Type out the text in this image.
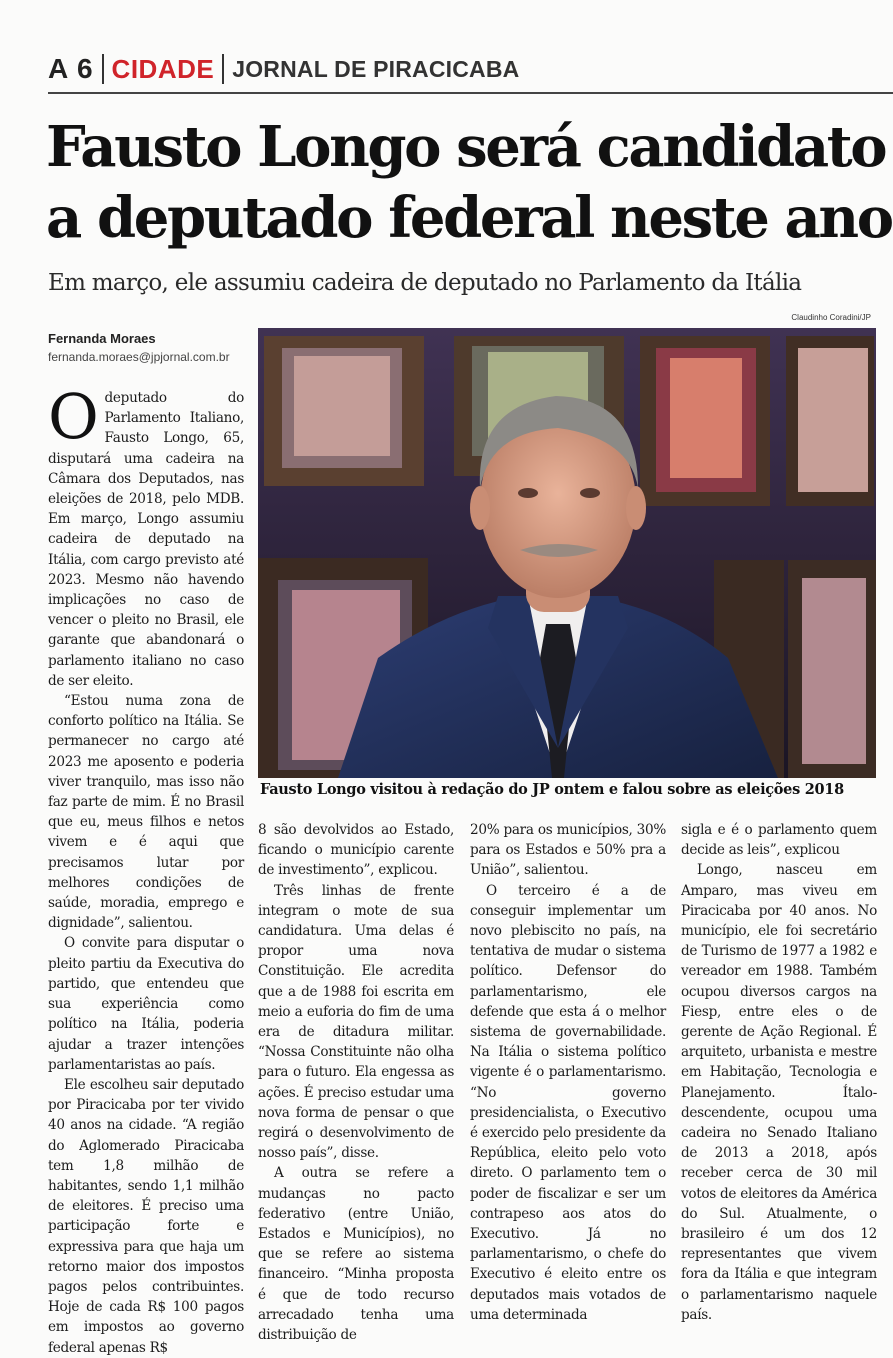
A 6 CIDADE JORNAL DE PIRACICABA
Fausto Longo será candidato
a deputado federal neste ano

Em março, ele assumiu cadeira de deputado no Parlamento da Itália

Fernanda Moraes
fernanda.moraes@jpjornal.com.br
Claudinho Coradini/JP
Fausto Longo visitou à redação do JP ontem e falou sobre as eleições 2018
O deputado do Parlamento Italiano, Fausto Longo, 65, disputará uma cadeira na Câmara dos Deputados, nas eleições de 2018, pelo MDB. Em março, Longo assumiu cadeira de deputado na Itália, com cargo previsto até 2023. Mesmo não havendo implicações no caso de vencer o pleito no Brasil, ele garante que abandonará o parlamento italiano no caso de ser eleito.

“Estou numa zona de conforto político na Itália. Se permanecer no cargo até 2023 me aposento e poderia viver tranquilo, mas isso não faz parte de mim. É no Brasil que eu, meus filhos e netos vivem e é aqui que precisamos lutar por melhores condições de saúde, moradia, emprego e dignidade”, salientou.

O convite para disputar o pleito partiu da Executiva do partido, que entendeu que sua experiência como político na Itália, poderia ajudar a trazer intenções parlamentaristas ao país.

Ele escolheu sair deputado por Piracicaba por ter vivido 40 anos na cidade. “A região do Aglomerado Piracicaba tem 1,8 milhão de habitantes, sendo 1,1 milhão de eleitores. É preciso uma participação forte e expressiva para que haja um retorno maior dos impostos pagos pelos contribuintes. Hoje de cada R$ 100 pagos em impostos ao governo federal apenas R$

8 são devolvidos ao Estado, ficando o município carente de investimento”, explicou.

Três linhas de frente integram o mote de sua candidatura. Uma delas é propor uma nova Constituição. Ele acredita que a de 1988 foi escrita em meio a euforia do fim de uma era de ditadura militar. “Nossa Constituinte não olha para o futuro. Ela engessa as ações. É preciso estudar uma nova forma de pensar o que regirá o desenvolvimento de nosso país”, disse.

A outra se refere a mudanças no pacto federativo (entre União, Estados e Municípios), no que se refere ao sistema financeiro. “Minha proposta é que de todo recurso arrecadado tenha uma distribuição de

20% para os municípios, 30% para os Estados e 50% pra a União”, salientou.

O terceiro é a de conseguir implementar um novo plebiscito no país, na tentativa de mudar o sistema político. Defensor do parlamentarismo, ele defende que esta á o melhor sistema de governabilidade. Na Itália o sistema político vigente é o parlamentarismo. “No governo presidencialista, o Executivo é exercido pelo presidente da República, eleito pelo voto direto. O parlamento tem o poder de fiscalizar e ser um contrapeso aos atos do Executivo. Já no parlamentarismo, o chefe do Executivo é eleito entre os deputados mais votados de uma determinada

sigla e é o parlamento quem decide as leis”, explicou

Longo, nasceu em Amparo, mas viveu em Piracicaba por 40 anos. No município, ele foi secretário de Turismo de 1977 a 1982 e vereador em 1988. Também ocupou diversos cargos na Fiesp, entre eles o de gerente de Ação Regional. É arquiteto, urbanista e mestre em Habitação, Tecnologia e Planejamento. Ítalo-descendente, ocupou uma cadeira no Senado Italiano de 2013 a 2018, após receber cerca de 30 mil votos de eleitores da América do Sul. Atualmente, o brasileiro é um dos 12 representantes que vivem fora da Itália e que integram o parlamentarismo naquele país.
